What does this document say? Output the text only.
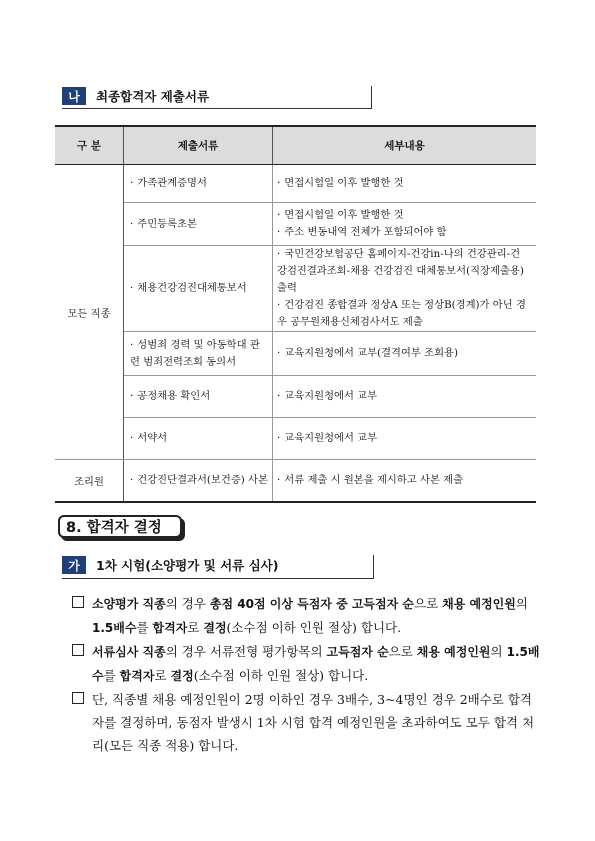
나	최종합격자 제출서류
구 분	제출서류	세부내용
모든 직종	· 가족관계증명서	· 면접시험일 이후 발행한 것
	· 주민등록초본	· 면접시험일 이후 발행한 것
· 주소 변동내역 전체가 포함되어야 함

	· 채용건강검진대체통보서	· 국민건강보험공단 홈페이지-건강in-나의 건강관리-건강검진결과조회-채용 건강검진 대체통보서(직장제출용) 출력
· 건강검진 종합결과 정상A 또는 정상B(경계)가 아닌 경우 공무원채용신체검사서도 제출

	· 성범죄 경력 및 아동학대 관련 범죄전력조회 동의서	· 교육지원청에서 교부(결격여부 조회용)
	· 공정채용 확인서	· 교육지원청에서 교부
	· 서약서	· 교육지원청에서 교부
조리원	· 건강진단결과서(보건증) 사본	· 서류 제출 시 원본을 제시하고 사본 제출
8. 합격자 결정
가	1차 시험(소양평가 및 서류 심사)
소양평가 직종의 경우 총점 40점 이상 득점자 중 고득점자 순으로 채용 예정인원의 1.5배수를 합격자로 결정(소수점 이하 인원 절상) 합니다.
서류심사 직종의 경우 서류전형 평가항목의 고득점자 순으로 채용 예정인원의 1.5배수를 합격자로 결정(소수점 이하 인원 절상) 합니다.
단, 직종별 채용 예정인원이 2명 이하인 경우 3배수, 3~4명인 경우 2배수로 합격자를 결정하며, 동점자 발생시 1차 시험 합격 예정인원을 초과하여도 모두 합격 처리(모든 직종 적용) 합니다.
